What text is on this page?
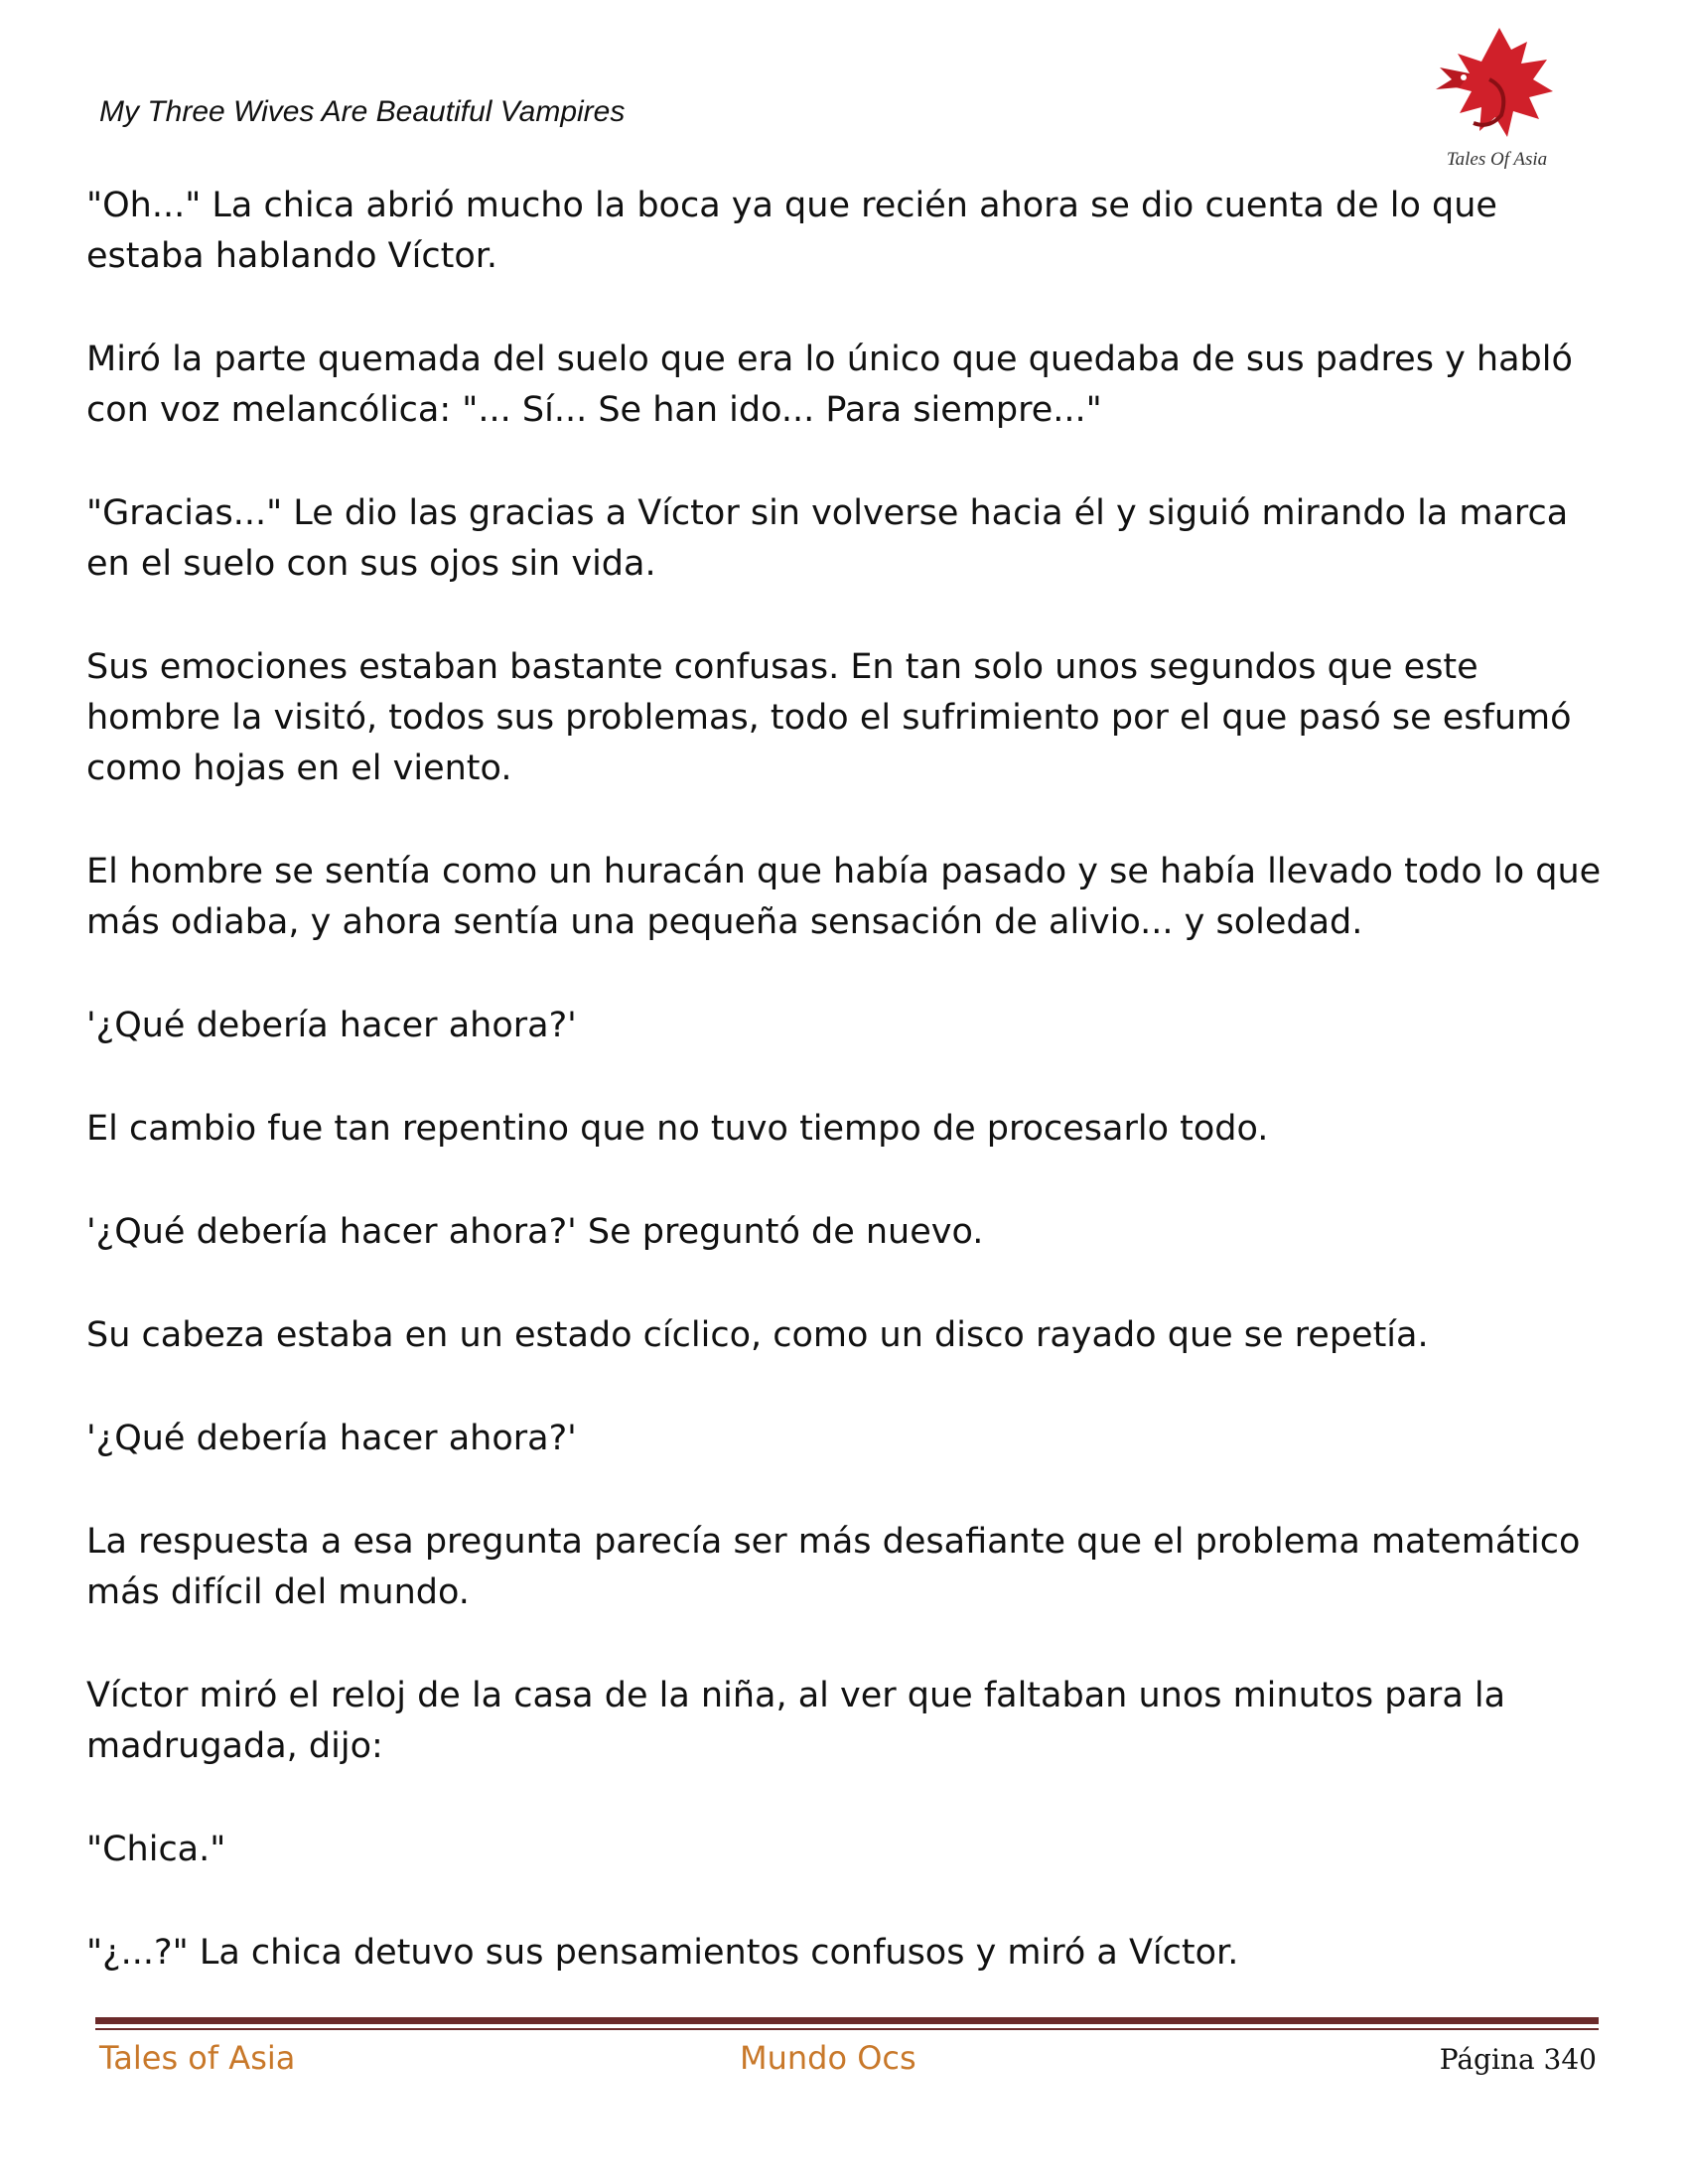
My Three Wives Are Beautiful Vampires
Tales Of Asia

"Oh..." La chica abrió mucho la boca ya que recién ahora se dio cuenta de lo que estaba hablando Víctor.

Miró la parte quemada del suelo que era lo único que quedaba de sus padres y habló con voz melancólica: "... Sí... Se han ido... Para siempre..."

"Gracias..." Le dio las gracias a Víctor sin volverse hacia él y siguió mirando la marca en el suelo con sus ojos sin vida.

Sus emociones estaban bastante confusas. En tan solo unos segundos que este hombre la visitó, todos sus problemas, todo el sufrimiento por el que pasó se esfumó como hojas en el viento.

El hombre se sentía como un huracán que había pasado y se había llevado todo lo que más odiaba, y ahora sentía una pequeña sensación de alivio... y soledad.

'¿Qué debería hacer ahora?'

El cambio fue tan repentino que no tuvo tiempo de procesarlo todo.

'¿Qué debería hacer ahora?' Se preguntó de nuevo.

Su cabeza estaba en un estado cíclico, como un disco rayado que se repetía.

'¿Qué debería hacer ahora?'

La respuesta a esa pregunta parecía ser más desafiante que el problema matemático más difícil del mundo.

Víctor miró el reloj de la casa de la niña, al ver que faltaban unos minutos para la madrugada, dijo:

"Chica."

"¿...?" La chica detuvo sus pensamientos confusos y miró a Víctor.

Tales of Asia	Mundo Ocs	Página 340
